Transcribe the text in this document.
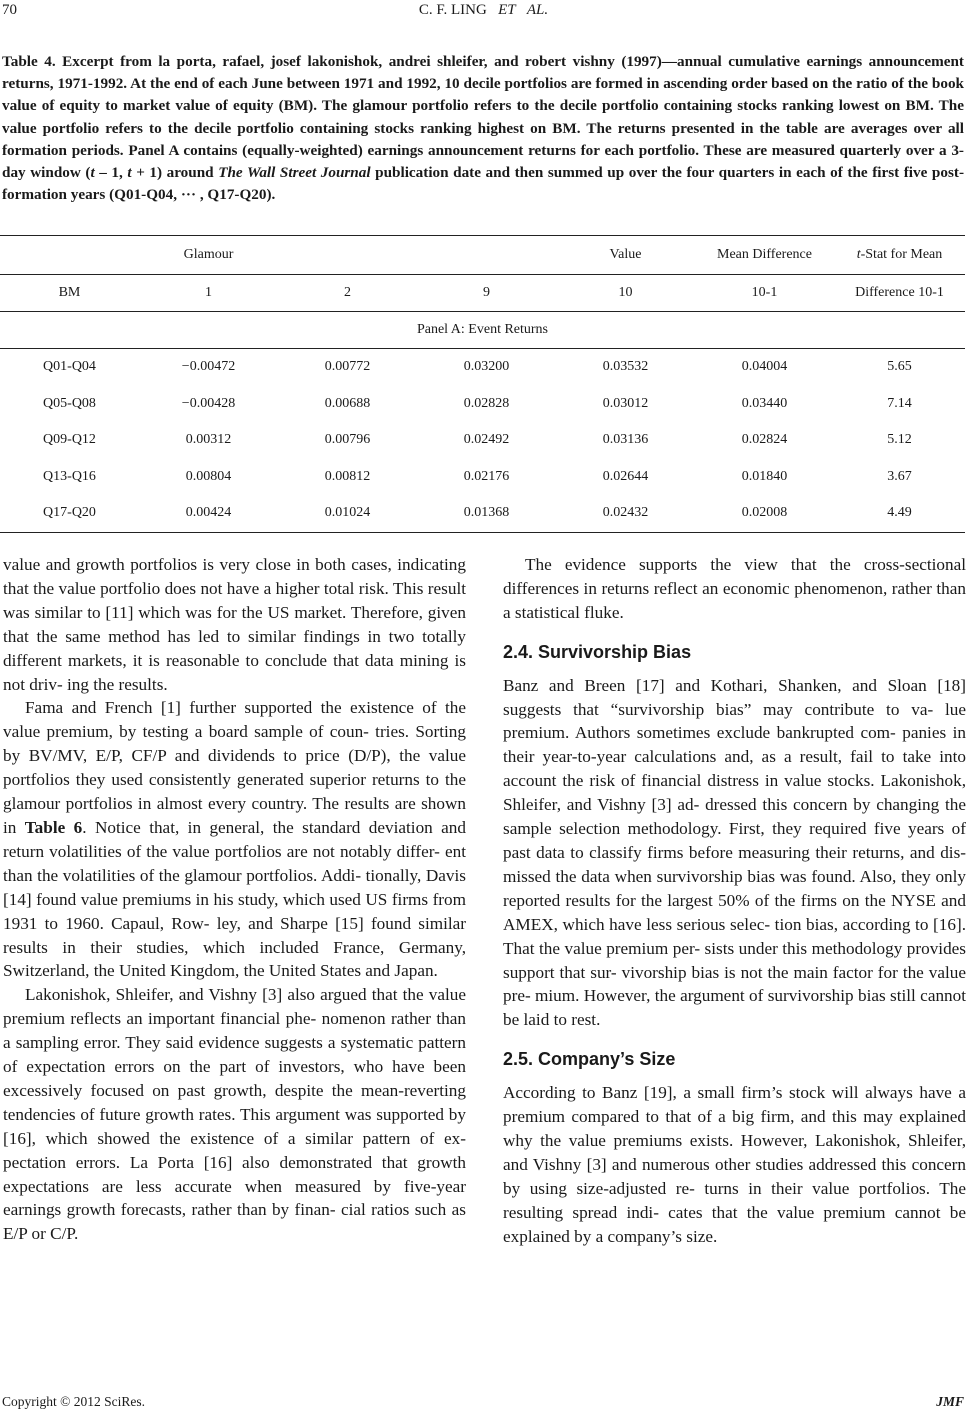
70	C. F. LING ET AL.
Table 4. Excerpt from la porta, rafael, josef lakonishok, andrei shleifer, and robert vishny (1997)—annual cumulative earnings announcement returns, 1971-1992. At the end of each June between 1971 and 1992, 10 decile portfolios are formed in ascending order based on the ratio of the book value of equity to market value of equity (BM). The glamour portfolio refers to the decile portfolio containing stocks ranking lowest on BM. The value portfolio refers to the decile portfolio containing stocks ranking highest on BM. The returns presented in the table are averages over all formation periods. Panel A contains (equally-weighted) earnings announcement returns for each portfolio. These are measured quarterly over a 3-day window (t – 1, t + 1) around The Wall Street Journal publication date and then summed up over the four quarters in each of the first five post-formation years (Q01-Q04, ··· , Q17-Q20).
Glamour				Value	Mean Difference	t-Stat for Mean
BM	1	2	9	10	10-1	Difference 10-1
Panel A: Event Returns						
Q01-Q04	−0.00472	0.00772	0.03200	0.03532	0.04004	5.65
Q05-Q08	−0.00428	0.00688	0.02828	0.03012	0.03440	7.14
Q09-Q12	0.00312	0.00796	0.02492	0.03136	0.02824	5.12
Q13-Q16	0.00804	0.00812	0.02176	0.02644	0.01840	3.67
Q17-Q20	0.00424	0.01024	0.01368	0.02432	0.02008	4.49

value and growth portfolios is very close in both cases, indicating that the value portfolio does not have a higher total risk. This result was similar to [11] which was for the US market. Therefore, given that the same method has led to similar findings in two totally different markets, it is reasonable to conclude that data mining is not driv- ing the results.

Fama and French [1] further supported the existence of the value premium, by testing a board sample of coun- tries. Sorting by BV/MV, E/P, CF/P and dividends to price (D/P), the value portfolios they used consistently generated superior returns to the glamour portfolios in almost every country. The results are shown in Table 6. Notice that, in general, the standard deviation and return volatilities of the value portfolios are not notably differ- ent than the volatilities of the glamour portfolios. Addi- tionally, Davis [14] found value premiums in his study, which used US firms from 1931 to 1960. Capaul, Row- ley, and Sharpe [15] found similar results in their studies, which included France, Germany, Switzerland, the United Kingdom, the United States and Japan.

Lakonishok, Shleifer, and Vishny [3] also argued that the value premium reflects an important financial phe- nomenon rather than a sampling error. They said evidence suggests a systematic pattern of expectation errors on the part of investors, who have been excessively focused on past growth, despite the mean-reverting tendencies of future growth rates. This argument was supported by [16], which showed the existence of a similar pattern of ex- pectation errors. La Porta [16] also demonstrated that growth expectations are less accurate when measured by five-year earnings growth forecasts, rather than by finan- cial ratios such as E/P or C/P.

The evidence supports the view that the cross-sectional differences in returns reflect an economic phenomenon, rather than a statistical fluke.

2.4. Survivorship Bias

Banz and Breen [17] and Kothari, Shanken, and Sloan [18] suggests that “survivorship bias” may contribute to va- lue premium. Authors sometimes exclude bankrupted com- panies in their year-to-year calculations and, as a result, fail to take into account the risk of financial distress in value stocks. Lakonishok, Shleifer, and Vishny [3] ad- dressed this concern by changing the sample selection methodology. First, they required five years of past data to classify firms before measuring their returns, and dis- missed the data when survivorship bias was found. Also, they only reported results for the largest 50% of the firms on the NYSE and AMEX, which have less serious selec- tion bias, according to [16]. That the value premium per- sists under this methodology provides support that sur- vivorship bias is not the main factor for the value pre- mium. However, the argument of survivorship bias still cannot be laid to rest.

2.5. Company’s Size

According to Banz [19], a small firm’s stock will always have a premium compared to that of a big firm, and this may explained why the value premiums exists. However, Lakonishok, Shleifer, and Vishny [3] and numerous other studies addressed this concern by using size-adjusted re- turns in their value portfolios. The resulting spread indi- cates that the value premium cannot be explained by a company’s size.

Copyright © 2012 SciRes.	JMF
